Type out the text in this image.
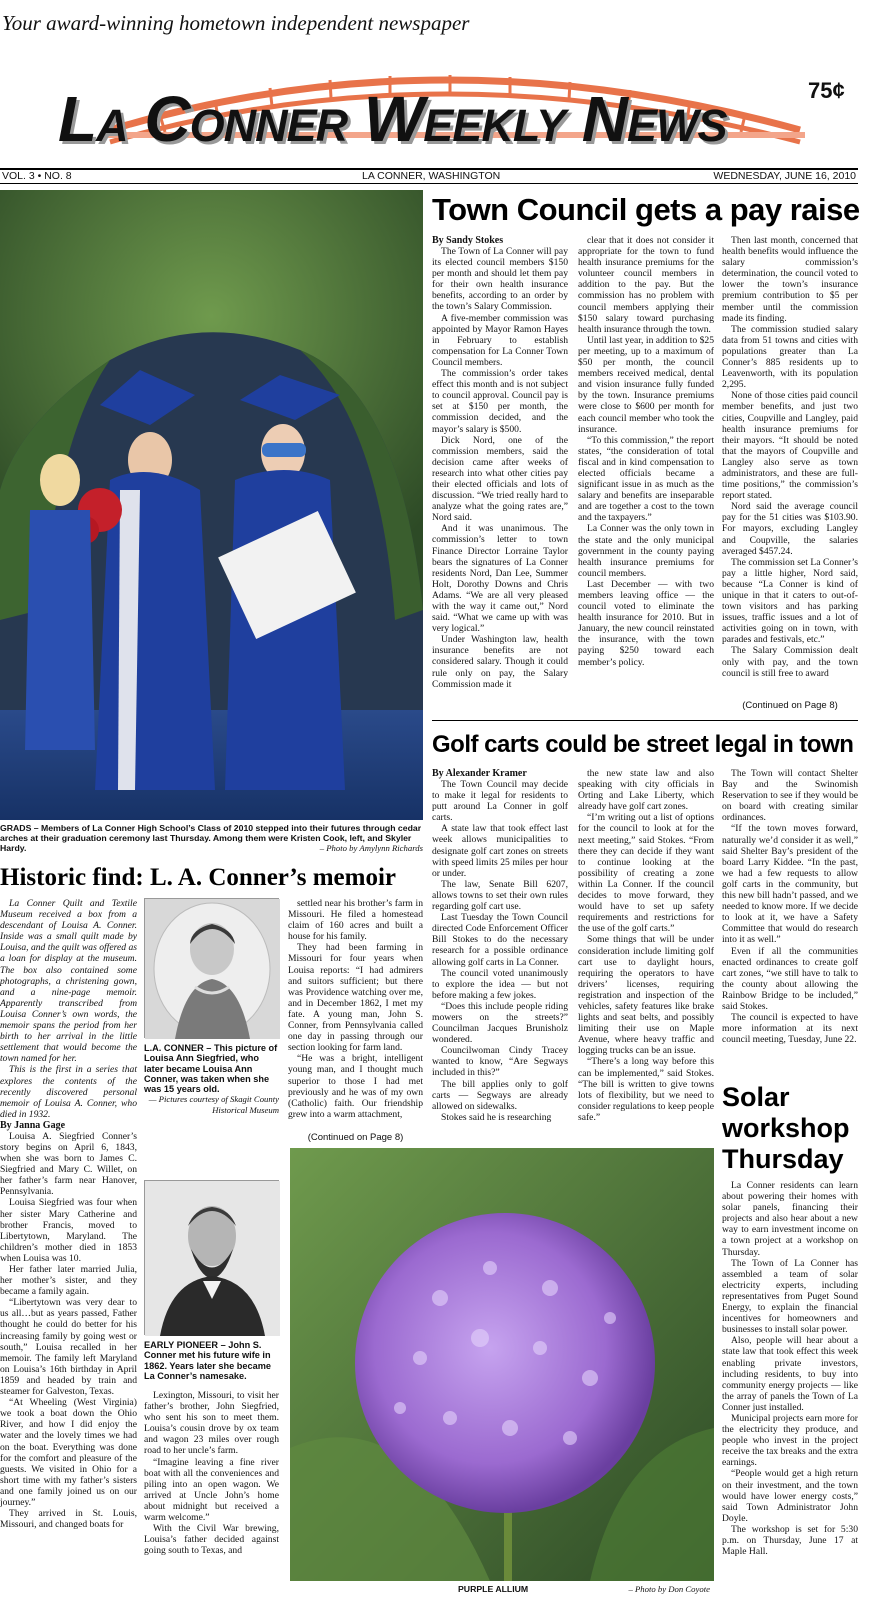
Your award-winning hometown independent newspaper
La Conner Weekly News	75¢
VOL. 3 • NO. 8	LA CONNER, WASHINGTON	WEDNESDAY, JUNE 16, 2010
GRADS – Members of La Conner High School’s Class of 2010 stepped into their futures through cedar arches at their graduation ceremony last Thursday. Among them were Kristen Cook, left, and Skyler Hardy.	– Photo by Amylynn Richards
Town Council gets a pay raise
By Sandy Stokes

The Town of La Conner will pay its elected council members $150 per month and should let them pay for their own health insurance benefits, according to an order by the town’s Salary Commission.

A five-member commission was appointed by Mayor Ramon Hayes in February to establish compensation for La Conner Town Council members.

The commission’s order takes effect this month and is not subject to council approval. Council pay is set at $150 per month, the commission decided, and the mayor’s salary is $500.

Dick Nord, one of the commission members, said the decision came after weeks of research into what other cities pay their elected officials and lots of discussion. “We tried really hard to analyze what the going rates are,” Nord said.

And it was unanimous. The commission’s letter to town Finance Director Lorraine Taylor bears the signatures of La Conner residents Nord, Dan Lee, Summer Holt, Dorothy Downs and Chris Adams. “We are all very pleased with the way it came out,” Nord said. “What we came up with was very logical.”

Under Washington law, health insurance benefits are not considered salary. Though it could rule only on pay, the Salary Commission made it

clear that it does not consider it appropriate for the town to fund health insurance premiums for the volunteer council members in addition to the pay. But the commission has no problem with council members applying their $150 salary toward purchasing health insurance through the town.

Until last year, in addition to $25 per meeting, up to a maximum of $50 per month, the council members received medical, dental and vision insurance fully funded by the town. Insurance premiums were close to $600 per month for each council member who took the insurance.

“To this commission,” the report states, “the consideration of total fiscal and in kind compensation to elected officials became a significant issue in as much as the salary and benefits are inseparable and are together a cost to the town and the taxpayers.”

La Conner was the only town in the state and the only municipal government in the county paying health insurance premiums for council members.

Last December — with two members leaving office — the council voted to eliminate the health insurance for 2010. But in January, the new council reinstated the insurance, with the town paying $250 toward each member’s policy.

Then last month, concerned that health benefits would influence the salary commission’s determination, the council voted to lower the town’s insurance premium contribution to $5 per member until the commission made its finding.

The commission studied salary data from 51 towns and cities with populations greater than La Conner’s 885 residents up to Leavenworth, with its population 2,295.

None of those cities paid council member benefits, and just two cities, Coupville and Langley, paid health insurance premiums for their mayors. “It should be noted that the mayors of Coupville and Langley also serve as town administrators, and these are full-time positions,” the commission’s report stated.

Nord said the average council pay for the 51 cities was $103.90. For mayors, excluding Langley and Coupville, the salaries averaged $457.24.

The commission set La Conner’s pay a little higher, Nord said, because “La Conner is kind of unique in that it caters to out-of-town visitors and has parking issues, traffic issues and a lot of activities going on in town, with parades and festivals, etc.”

The Salary Commission dealt only with pay, and the town council is still free to award

(Continued on Page 8)
Golf carts could be street legal in town
By Alexander Kramer

The Town Council may decide to make it legal for residents to putt around La Conner in golf carts.

A state law that took effect last week allows municipalities to designate golf cart zones on streets with speed limits 25 miles per hour or under.

The law, Senate Bill 6207, allows towns to set their own rules regarding golf cart use.

Last Tuesday the Town Council directed Code Enforcement Officer Bill Stokes to do the necessary research for a possible ordinance allowing golf carts in La Conner.

The council voted unanimously to explore the idea — but not before making a few jokes.

“Does this include people riding mowers on the streets?” Councilman Jacques Brunisholz wondered.

Councilwoman Cindy Tracey wanted to know, “Are Segways included in this?”

The bill applies only to golf carts — Segways are already allowed on sidewalks.

Stokes said he is researching

the new state law and also speaking with city officials in Orting and Lake Liberty, which already have golf cart zones.

“I’m writing out a list of options for the council to look at for the next meeting,” said Stokes. “From there they can decide if they want to continue looking at the possibility of creating a zone within La Conner. If the council decides to move forward, they would have to set up safety requirements and restrictions for the use of the golf carts.”

Some things that will be under consideration include limiting golf cart use to daylight hours, requiring the operators to have drivers’ licenses, requiring registration and inspection of the vehicles, safety features like brake lights and seat belts, and possibly limiting their use on Maple Avenue, where heavy traffic and logging trucks can be an issue.

“There’s a long way before this can be implemented,” said Stokes. “The bill is written to give towns lots of flexibility, but we need to consider regulations to keep people safe.”

The Town will contact Shelter Bay and the Swinomish Reservation to see if they would be on board with creating similar ordinances.

“If the town moves forward, naturally we’d consider it as well,” said Shelter Bay’s president of the board Larry Kiddee. “In the past, we had a few requests to allow golf carts in the community, but this new bill hadn’t passed, and we needed to know more. If we decide to look at it, we have a Safety Committee that would do research into it as well.”

Even if all the communities enacted ordinances to create golf cart zones, “we still have to talk to the county about allowing the Rainbow Bridge to be included,” said Stokes.

The council is expected to have more information at its next council meeting, Tuesday, June 22.

Solar workshop Thursday

La Conner residents can learn about powering their homes with solar panels, financing their projects and also hear about a new way to earn investment income on a town project at a workshop on Thursday.

The Town of La Conner has assembled a team of solar electricity experts, including representatives from Puget Sound Energy, to explain the financial incentives for homeowners and businesses to install solar power.

Also, people will hear about a state law that took effect this week enabling private investors, including residents, to buy into community energy projects — like the array of panels the Town of La Conner just installed.

Municipal projects earn more for the electricity they produce, and people who invest in the project receive the tax breaks and the extra earnings.

“People would get a high return on their investment, and the town would have lower energy costs,” said Town Administrator John Doyle.

The workshop is set for 5:30 p.m. on Thursday, June 17 at Maple Hall.

Historic find: L. A. Conner’s memoir

La Conner Quilt and Textile Museum received a box from a descendant of Louisa A. Conner. Inside was a small quilt made by Louisa, and the quilt was offered as a loan for display at the museum. The box also contained some photographs, a christening gown, and a nine-page memoir. Apparently transcribed from Louisa Conner’s own words, the memoir spans the period from her birth to her arrival in the little settlement that would become the town named for her.

This is the first in a series that explores the contents of the recently discovered personal memoir of Louisa A. Conner, who died in 1932.

By Janna Gage

Louisa A. Siegfried Conner’s story begins on April 6, 1843, when she was born to James C. Siegfried and Mary C. Willet, on her father’s farm near Hanover, Pennsylvania.

Louisa Siegfried was four when her sister Mary Catherine and brother Francis, moved to Libertytown, Maryland. The children’s mother died in 1853 when Louisa was 10.

Her father later married Julia, her mother’s sister, and they became a family again.

“Libertytown was very dear to us all…but as years passed, Father thought he could do better for his increasing family by going west or south,” Louisa recalled in her memoir. The family left Maryland on Louisa’s 16th birthday in April 1859 and headed by train and steamer for Galveston, Texas.

“At Wheeling (West Virginia) we took a boat down the Ohio River, and how I did enjoy the water and the lovely times we had on the boat. Everything was done for the comfort and pleasure of the guests. We visited in Ohio for a short time with my father’s sisters and one family joined us on our journey.”

They arrived in St. Louis, Missouri, and changed boats for

L.A. CONNER – This picture of Louisa Ann Siegfried, who later became Louisa Ann Conner, was taken when she was 15 years old.
— Pictures courtesy of Skagit County Historical Museum
EARLY PIONEER – John S. Conner met his future wife in 1862. Years later she became La Conner’s namesake.

Lexington, Missouri, to visit her father’s brother, John Siegfried, who sent his son to meet them. Louisa’s cousin drove by ox team and wagon 23 miles over rough road to her uncle’s farm.

“Imagine leaving a fine river boat with all the conveniences and piling into an open wagon. We arrived at Uncle John’s home about midnight but received a warm welcome.”

With the Civil War brewing, Louisa’s father decided against going south to Texas, and

settled near his brother’s farm in Missouri. He filed a homestead claim of 160 acres and built a house for his family.

They had been farming in Missouri for four years when Louisa reports: “I had admirers and suitors sufficient; but there was Providence watching over me, and in December 1862, I met my fate. A young man, John S. Conner, from Pennsylvania called one day in passing through our section looking for farm land.

“He was a bright, intelligent young man, and I thought much superior to those I had met previously and he was of my own (Catholic) faith. Our friendship grew into a warm attachment,

(Continued on Page 8)
PURPLE ALLIUM	– Photo by Don Coyote
